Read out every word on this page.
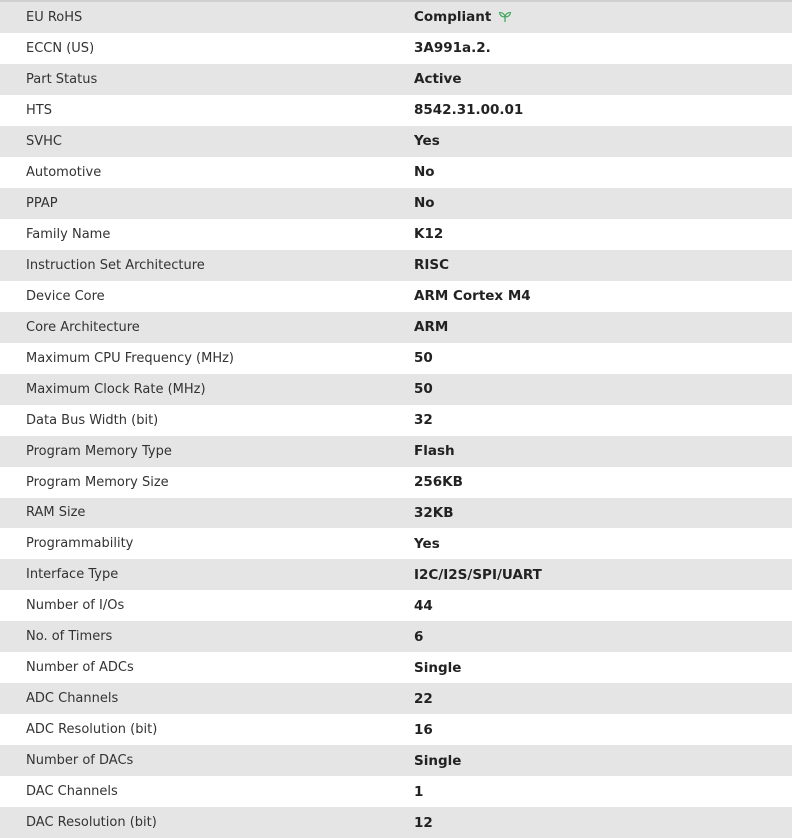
EU RoHS	Compliant
ECCN (US)	3A991a.2.
Part Status	Active
HTS	8542.31.00.01
SVHC	Yes
Automotive	No
PPAP	No
Family Name	K12
Instruction Set Architecture	RISC
Device Core	ARM Cortex M4
Core Architecture	ARM
Maximum CPU Frequency (MHz)	50
Maximum Clock Rate (MHz)	50
Data Bus Width (bit)	32
Program Memory Type	Flash
Program Memory Size	256KB
RAM Size	32KB
Programmability	Yes
Interface Type	I2C/I2S/SPI/UART
Number of I/Os	44
No. of Timers	6
Number of ADCs	Single
ADC Channels	22
ADC Resolution (bit)	16
Number of DACs	Single
DAC Channels	1
DAC Resolution (bit)	12
